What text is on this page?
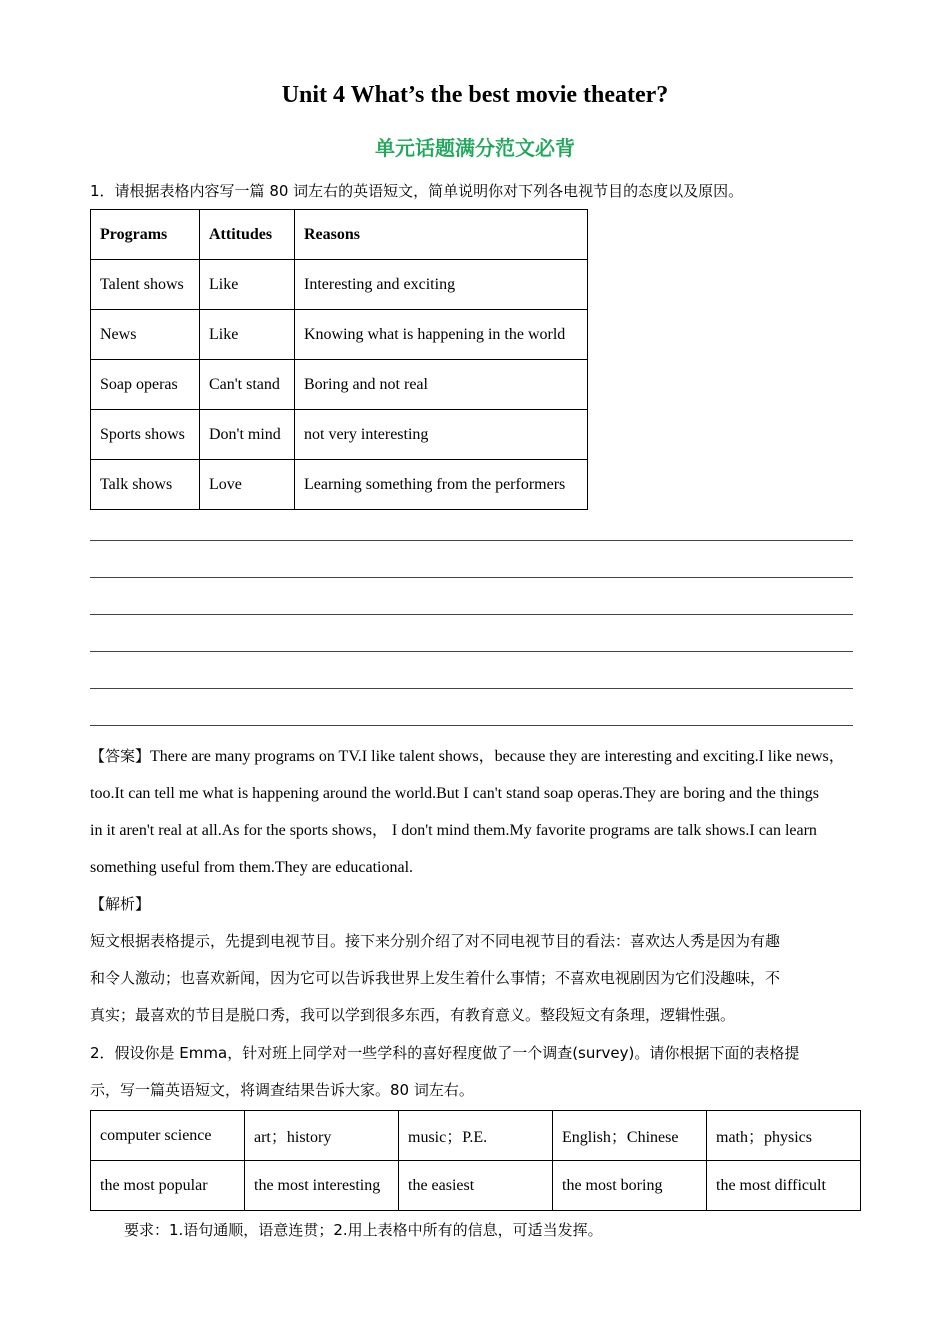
Unit 4 What’s the best movie theater?
单元话题满分范文必背
1．请根据表格内容写一篇 80 词左右的英语短文，简单说明你对下列各电视节目的态度以及原因。
Programs	Attitudes	Reasons
Talent shows	Like	Interesting and exciting
News	Like	Knowing what is happening in the world
Soap operas	Can't stand	Boring and not real
Sports shows	Don't mind	not very interesting
Talk shows	Love	Learning something from the performers
【答案】There are many programs on TV.I like talent shows，because they are interesting and exciting.I like news，
too.It can tell me what is happening around the world.But I can't stand soap operas.They are boring and the things
in it aren't real at all.As for the sports shows， I don't mind them.My favorite programs are talk shows.I can learn
something useful from them.They are educational.
【解析】
短文根据表格提示，先提到电视节目。接下来分别介绍了对不同电视节目的看法：喜欢达人秀是因为有趣
和令人激动；也喜欢新闻，因为它可以告诉我世界上发生着什么事情；不喜欢电视剧因为它们没趣味，不
真实；最喜欢的节目是脱口秀，我可以学到很多东西，有教育意义。整段短文有条理，逻辑性强。
2．假设你是 Emma，针对班上同学对一些学科的喜好程度做了一个调查(survey)。请你根据下面的表格提
示，写一篇英语短文，将调查结果告诉大家。80 词左右。
computer science	art；history	music；P.E.	English；Chinese	math；physics
the most popular	the most interesting	the easiest	the most boring	the most difficult
要求：1.语句通顺，语意连贯；2.用上表格中所有的信息，可适当发挥。
